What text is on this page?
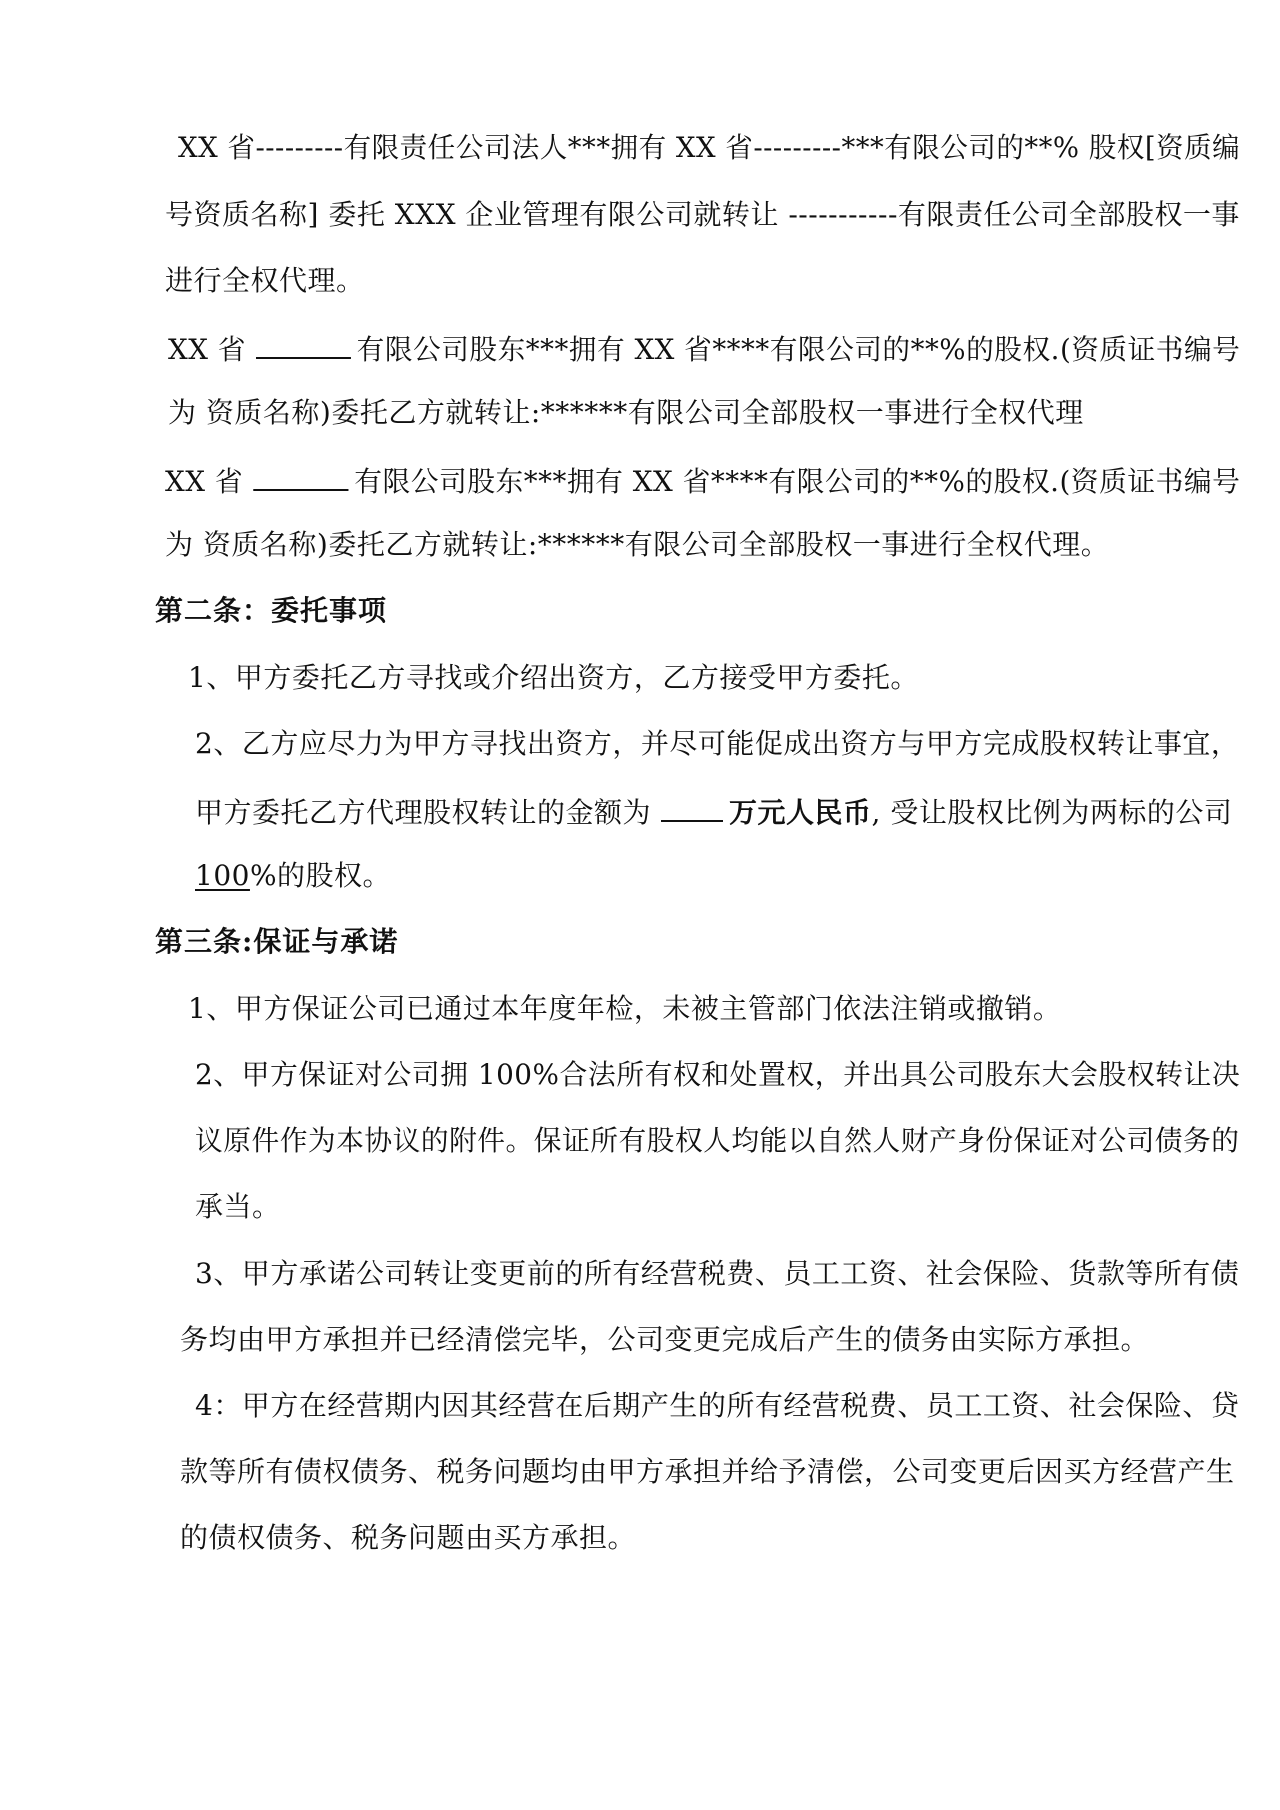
XX 省---------有限责任公司法人***拥有 XX 省---------***有限公司的**% 股权[资质编
号资质名称] 委托 XXX 企业管理有限公司就转让 -----------有限责任公司全部股权一事
进行全权代理。
XX 省	有限公司股东***拥有 XX 省****有限公司的**%的股权.(资质证书编号
为 资质名称)委托乙方就转让:******有限公司全部股权一事进行全权代理
XX 省	有限公司股东***拥有 XX 省****有限公司的**%的股权.(资质证书编号
为 资质名称)委托乙方就转让:******有限公司全部股权一事进行全权代理。
第二条：委托事项
1、甲方委托乙方寻找或介绍出资方，乙方接受甲方委托。
2、乙方应尽力为甲方寻找出资方，并尽可能促成出资方与甲方完成股权转让事宜，
甲方委托乙方代理股权转让的金额为	万元人民币, 受让股权比例为两标的公司
100%的股权。
第三条:保证与承诺
1、甲方保证公司已通过本年度年检，未被主管部门依法注销或撤销。
2、甲方保证对公司拥 100%合法所有权和处置权，并出具公司股东大会股权转让决
议原件作为本协议的附件。保证所有股权人均能以自然人财产身份保证对公司债务的
承当。
3、甲方承诺公司转让变更前的所有经营税费、员工工资、社会保险、货款等所有债
务均由甲方承担并已经清偿完毕，公司变更完成后产生的债务由实际方承担。
4：甲方在经营期内因其经营在后期产生的所有经营税费、员工工资、社会保险、贷
款等所有债权债务、税务问题均由甲方承担并给予清偿，公司变更后因买方经营产生
的债权债务、税务问题由买方承担。
